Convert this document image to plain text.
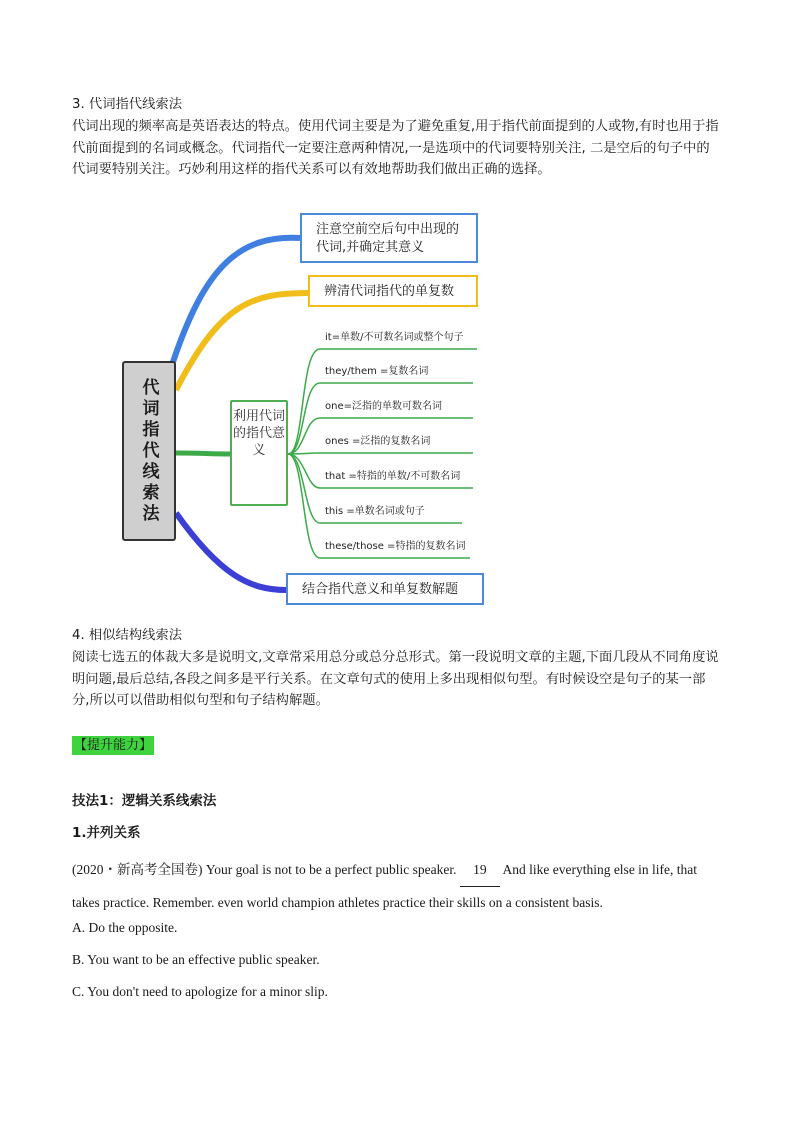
3. 代词指代线索法

代词出现的频率高是英语表达的特点。使用代词主要是为了避免重复,用于指代前面提到的人或物,有时也用于指代前面提到的名词或概念。代词指代一定要注意两种情况,一是选项中的代词要特别关注, 二是空后的句子中的代词要特别关注。巧妙利用这样的指代关系可以有效地帮助我们做出正确的选择。

注意空前空后句中出现的代词,并确定其意义
辨清代词指代的单复数
代词指代线索法	利用代词的指代意义
it=单数/不可数名词或整个句子
they/them =复数名词
one=泛指的单数可数名词
ones =泛指的复数名词
that =特指的单数/不可数名词
this =单数名词或句子
these/those =特指的复数名词
结合指代意义和单复数解题
4. 相似结构线索法

阅读七选五的体裁大多是说明文,文章常采用总分或总分总形式。第一段说明文章的主题,下面几段从不同角度说明问题,最后总结,各段之间多是平行关系。在文章句式的使用上多出现相似句型。有时候设空是句子的某一部分,所以可以借助相似句型和句子结构解题。

【提升能力】
技法1：逻辑关系线索法
1.并列关系
(2020・新高考全国卷) Your goal is not to be a perfect public speaker. 19 And like everything else in life, that takes practice. Remember. even world champion athletes practice their skills on a consistent basis.
A. Do the opposite.
B. You want to be an effective public speaker.
C. You don't need to apologize for a minor slip.
